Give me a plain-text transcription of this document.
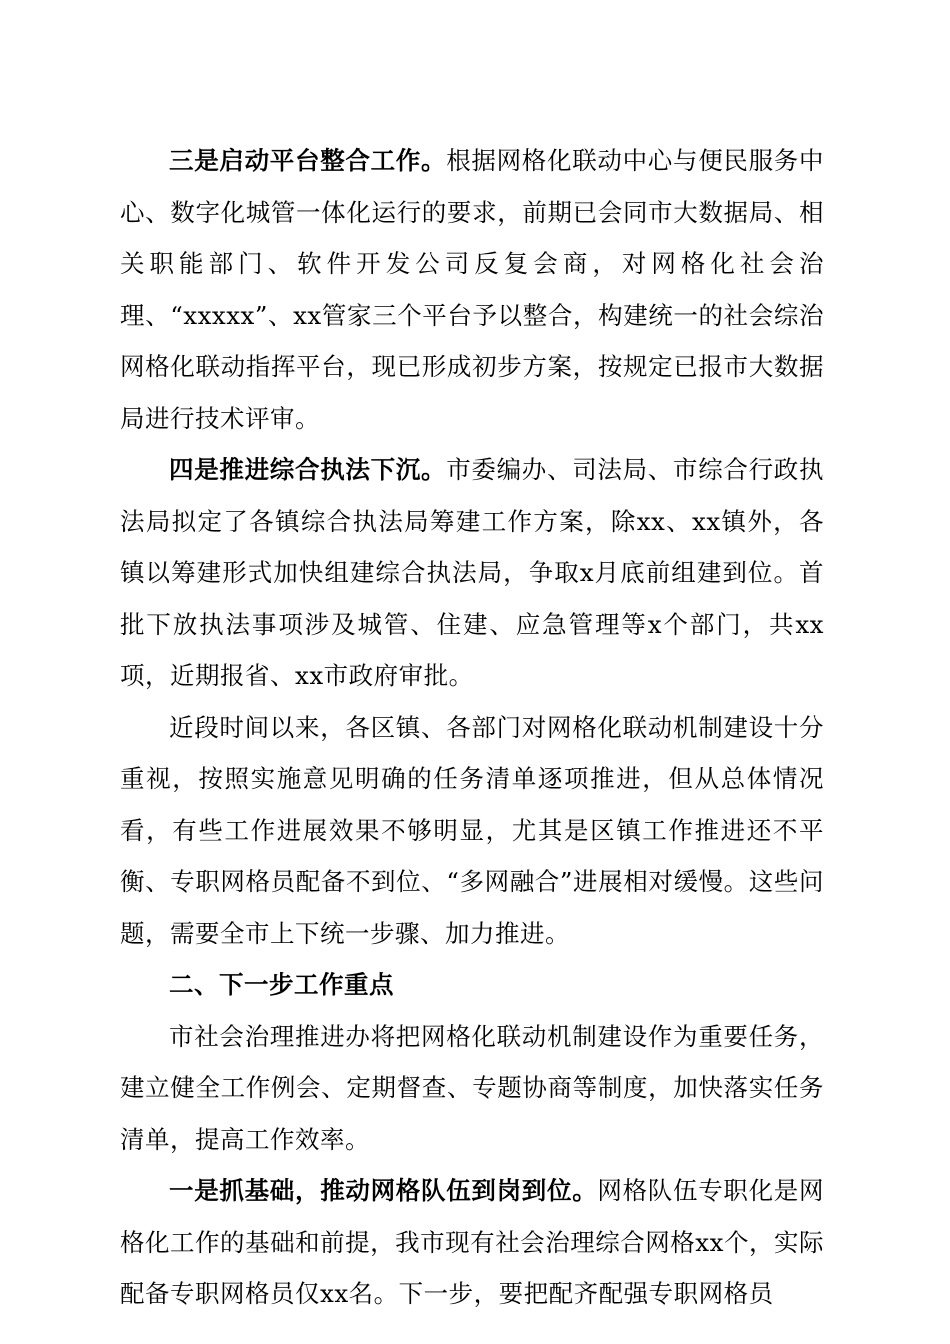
三是启动平台整合工作。根据网格化联动中心与便民服务中心、数字化城管一体化运行的要求，前期已会同市大数据局、相关职能部门、软件开发公司反复会商，对网格化社会治理、“xxxxx”、xx管家三个平台予以整合，构建统一的社会综治网格化联动指挥平台，现已形成初步方案，按规定已报市大数据局进行技术评审。

四是推进综合执法下沉。市委编办、司法局、市综合行政执法局拟定了各镇综合执法局筹建工作方案，除xx、xx镇外，各镇以筹建形式加快组建综合执法局，争取x月底前组建到位。首批下放执法事项涉及城管、住建、应急管理等x个部门，共xx项，近期报省、xx市政府审批。

近段时间以来，各区镇、各部门对网格化联动机制建设十分重视，按照实施意见明确的任务清单逐项推进，但从总体情况看，有些工作进展效果不够明显，尤其是区镇工作推进还不平衡、专职网格员配备不到位、“多网融合”进展相对缓慢。这些问题，需要全市上下统一步骤、加力推进。

二、下一步工作重点

市社会治理推进办将把网格化联动机制建设作为重要任务，建立健全工作例会、定期督查、专题协商等制度，加快落实任务清单，提高工作效率。

一是抓基础，推动网格队伍到岗到位。网格队伍专职化是网格化工作的基础和前提，我市现有社会治理综合网格xx个，实际配备专职网格员仅xx名。下一步，要把配齐配强专职网格员
